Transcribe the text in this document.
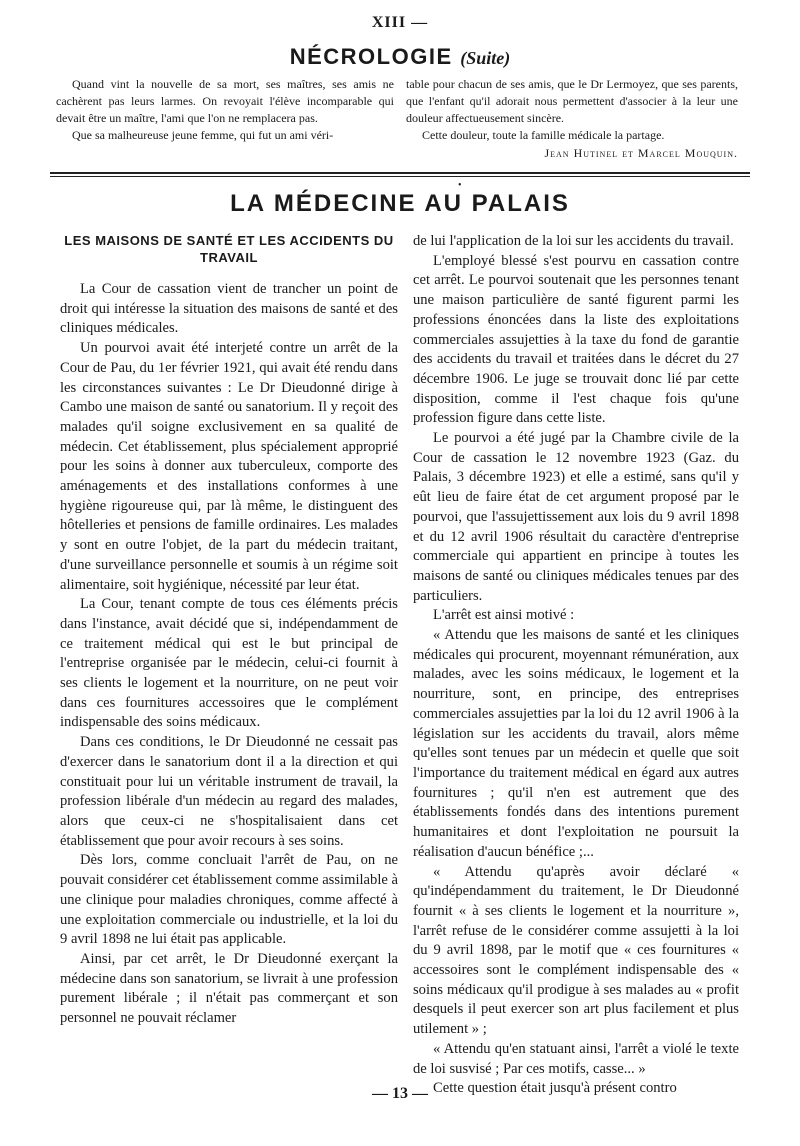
XIII —
NÉCROLOGIE (Suite)

Quand vint la nouvelle de sa mort, ses maîtres, ses amis ne cachèrent pas leurs larmes. On revoyait l'élève incomparable qui devait être un maître, l'ami que l'on ne remplacera pas.

Que sa malheureuse jeune femme, qui fut un ami véri-

table pour chacun de ses amis, que le Dr Lermoyez, que ses parents, que l'enfant qu'il adorait nous permettent d'associer à la leur une douleur affectueusement sincère.

Cette douleur, toute la famille médicale la partage.

Jean Hutinel et Marcel Mouquin.
•
LA MÉDECINE AU PALAIS
LES MAISONS DE SANTÉ ET LES ACCIDENTS DU TRAVAIL

La Cour de cassation vient de trancher un point de droit qui intéresse la situation des maisons de santé et des cliniques médicales.

Un pourvoi avait été interjeté contre un arrêt de la Cour de Pau, du 1er février 1921, qui avait été rendu dans les circonstances suivantes : Le Dr Dieudonné dirige à Cambo une maison de santé ou sanatorium. Il y reçoit des malades qu'il soigne exclusivement en sa qualité de médecin. Cet établissement, plus spécialement approprié pour les soins à donner aux tuberculeux, comporte des aménagements et des installations conformes à une hygiène rigoureuse qui, par là même, le distinguent des hôtelleries et pensions de famille ordinaires. Les malades y sont en outre l'objet, de la part du médecin traitant, d'une surveillance personnelle et soumis à un régime soit alimentaire, soit hygiénique, nécessité par leur état.

La Cour, tenant compte de tous ces éléments précis dans l'instance, avait décidé que si, indépendamment de ce traitement médical qui est le but principal de l'entreprise organisée par le médecin, celui-ci fournit à ses clients le logement et la nourriture, on ne peut voir dans ces fournitures accessoires que le complément indispensable des soins médicaux.

Dans ces conditions, le Dr Dieudonné ne cessait pas d'exercer dans le sanatorium dont il a la direction et qui constituait pour lui un véritable instrument de travail, la profession libérale d'un médecin au regard des malades, alors que ceux-ci ne s'hospitalisaient dans cet établissement que pour avoir recours à ses soins.

Dès lors, comme concluait l'arrêt de Pau, on ne pouvait considérer cet établissement comme assimilable à une clinique pour maladies chroniques, comme affecté à une exploitation commerciale ou industrielle, et la loi du 9 avril 1898 ne lui était pas applicable.

Ainsi, par cet arrêt, le Dr Dieudonné exerçant la médecine dans son sanatorium, se livrait à une profession purement libérale ; il n'était pas commerçant et son personnel ne pouvait réclamer

de lui l'application de la loi sur les accidents du travail.

L'employé blessé s'est pourvu en cassation contre cet arrêt. Le pourvoi soutenait que les personnes tenant une maison particulière de santé figurent parmi les professions énoncées dans la liste des exploitations commerciales assujetties à la taxe du fond de garantie des accidents du travail et traitées dans le décret du 27 décembre 1906. Le juge se trouvait donc lié par cette disposition, comme il l'est chaque fois qu'une profession figure dans cette liste.

Le pourvoi a été jugé par la Chambre civile de la Cour de cassation le 12 novembre 1923 (Gaz. du Palais, 3 décembre 1923) et elle a estimé, sans qu'il y eût lieu de faire état de cet argument proposé par le pourvoi, que l'assujettissement aux lois du 9 avril 1898 et du 12 avril 1906 résultait du caractère d'entreprise commerciale qui appartient en principe à toutes les maisons de santé ou cliniques médicales tenues par des particuliers.

L'arrêt est ainsi motivé :

« Attendu que les maisons de santé et les cliniques médicales qui procurent, moyennant rémunération, aux malades, avec les soins médicaux, le logement et la nourriture, sont, en principe, des entreprises commerciales assujetties par la loi du 12 avril 1906 à la législation sur les accidents du travail, alors même qu'elles sont tenues par un médecin et quelle que soit l'importance du traitement médical en égard aux autres fournitures ; qu'il n'en est autrement que des établissements fondés dans des intentions purement humanitaires et dont l'exploitation ne poursuit la réalisation d'aucun bénéfice ;...

« Attendu qu'après avoir déclaré « qu'indépendamment du traitement, le Dr Dieudonné fournit « à ses clients le logement et la nourriture », l'arrêt refuse de le considérer comme assujetti à la loi du 9 avril 1898, par le motif que « ces fournitures « accessoires sont le complément indispensable des « soins médicaux qu'il prodigue à ses malades au « profit desquels il peut exercer son art plus facilement et plus utilement » ;

« Attendu qu'en statuant ainsi, l'arrêt a violé le texte de loi susvisé ; Par ces motifs, casse... »

Cette question était jusqu'à présent contro

— 13 —
